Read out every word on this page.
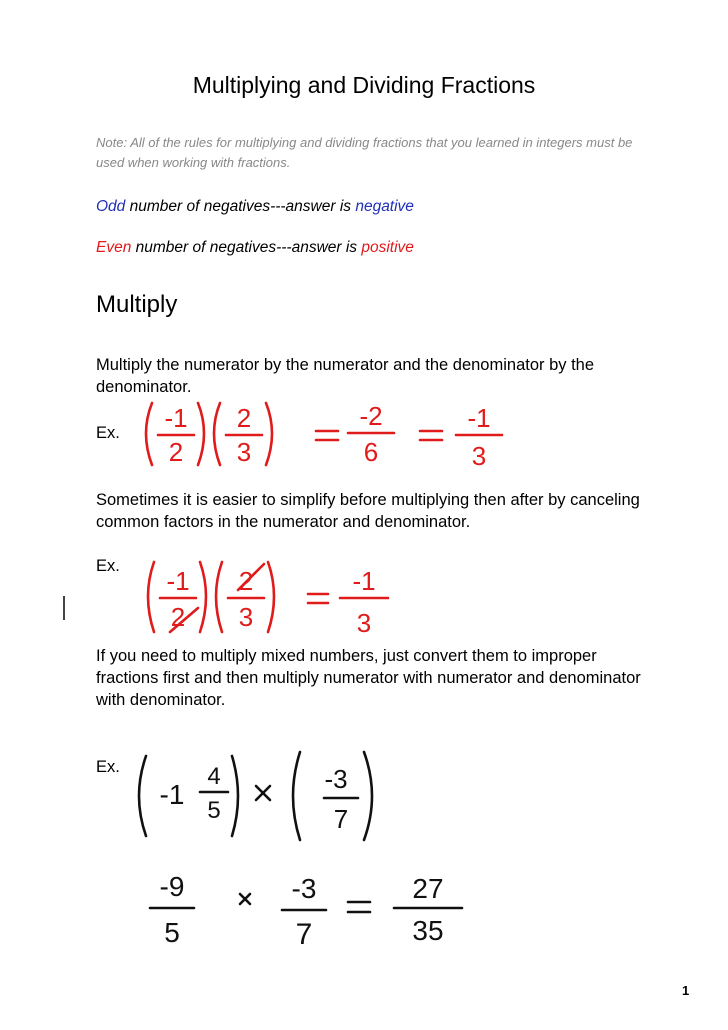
Multiplying and Dividing Fractions
Note: All of the rules for multiplying and dividing fractions that you learned in integers must be used when working with fractions.
Odd number of negatives---answer is negative
Even number of negatives---answer is positive
Multiply
Multiply the numerator by the numerator and the denominator by the denominator.
Ex. -1
2
2
3
-2
6
-1
3
Sometimes it is easier to simplify before multiplying then after by canceling common factors in the numerator and denominator.
Ex. -1
2
2
3
-1
3
If you need to multiply mixed numbers, just convert them to improper fractions first and then multiply numerator with numerator and denominator with denominator.
Ex.
-1
4
5
-3
7
-9
5
-3
7
27
35
1
